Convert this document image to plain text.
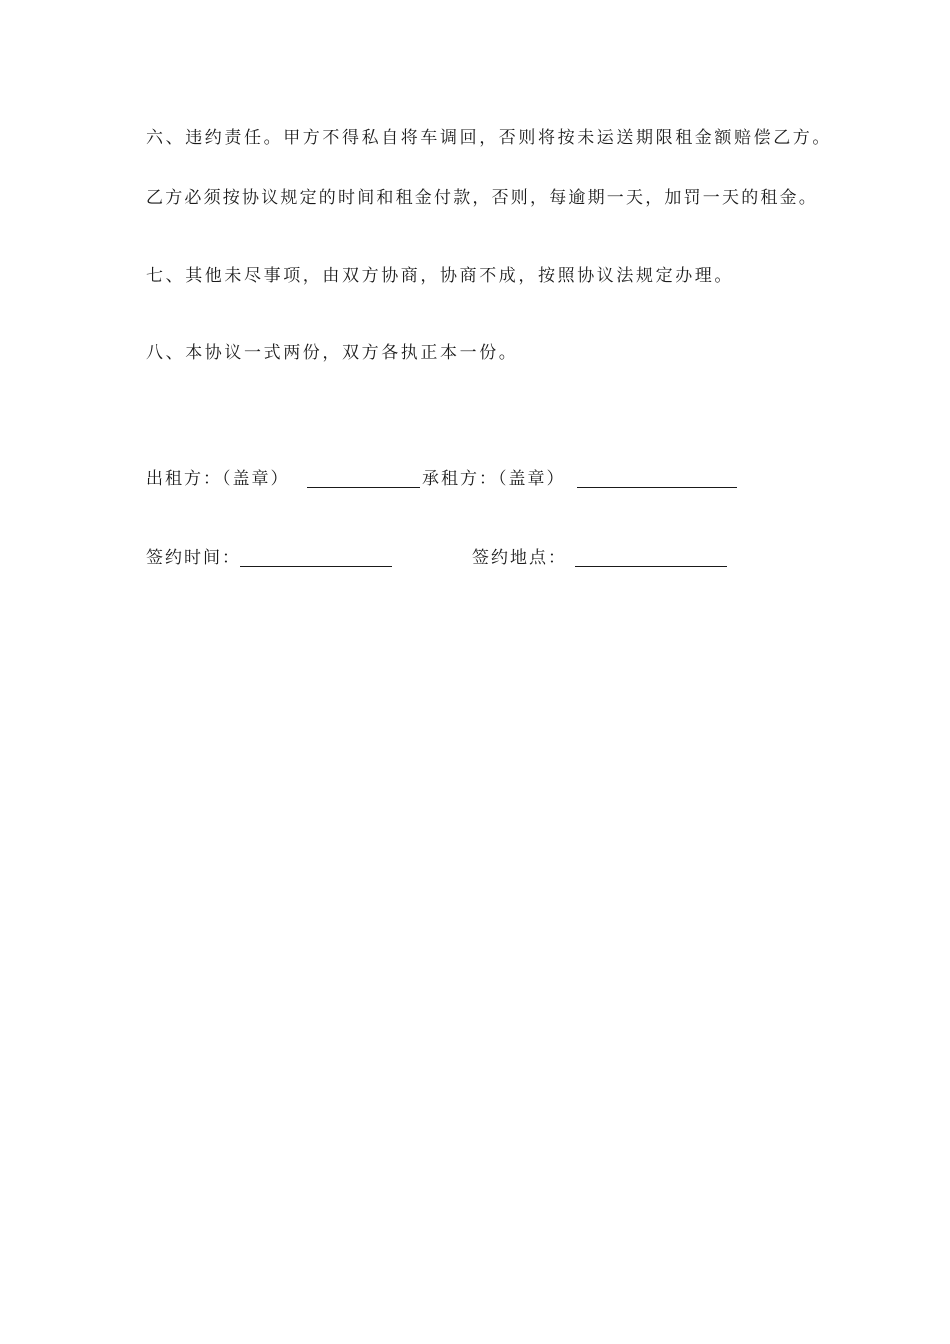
六、违约责任。甲方不得私自将车调回，否则将按未运送期限租金额赔偿乙方。
乙方必须按协议规定的时间和租金付款，否则，每逾期一天，加罚一天的租金。
七、其他未尽事项，由双方协商，协商不成，按照协议法规定办理。
八、本协议一式两份，双方各执正本一份。
出租方：（盖章）	承租方：（盖章）
签约时间：	签约地点：
